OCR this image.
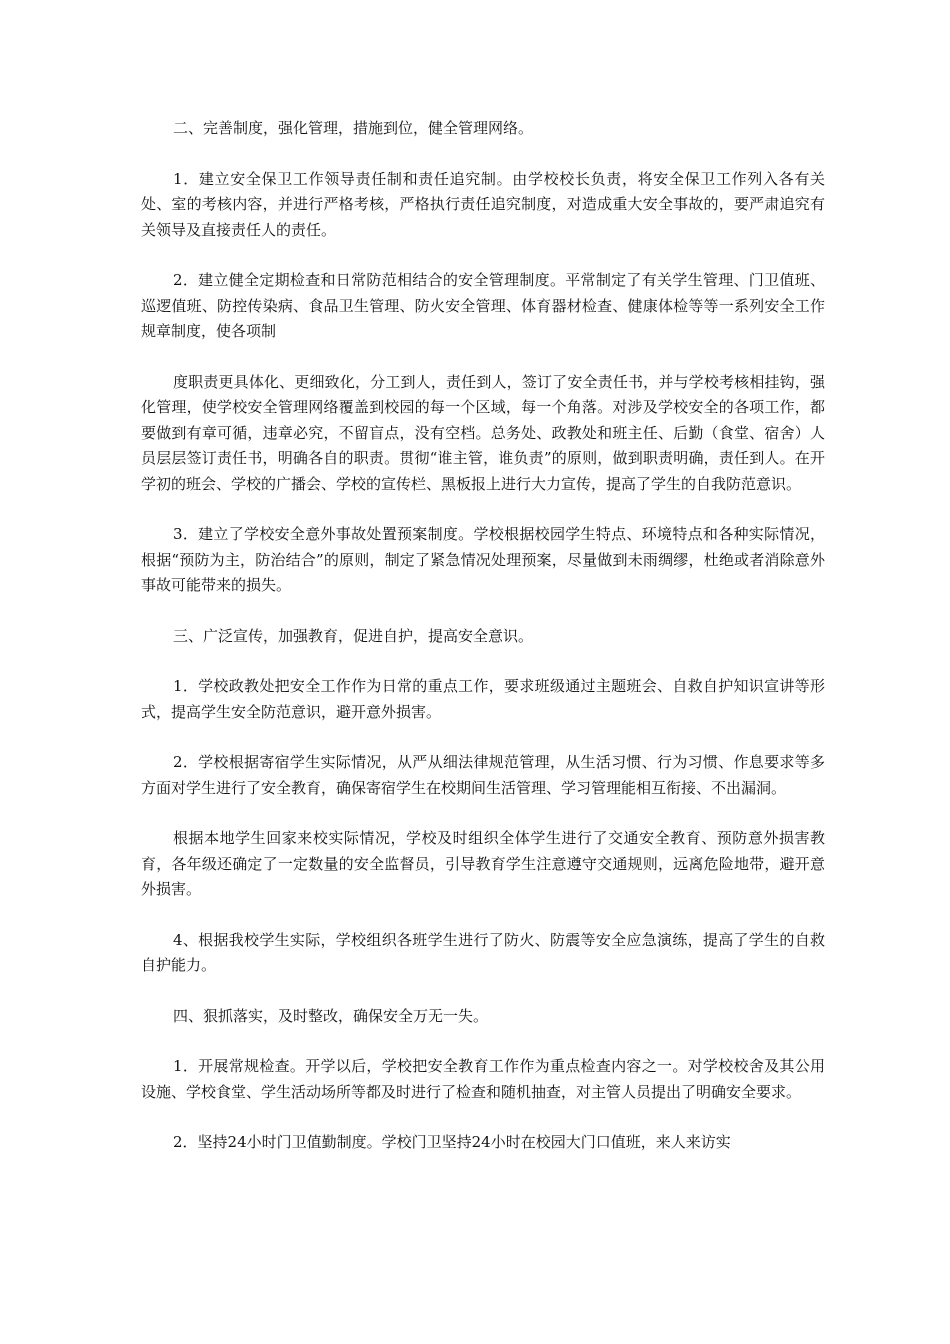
二、完善制度，强化管理，措施到位，健全管理网络。

1．建立安全保卫工作领导责任制和责任追究制。由学校校长负责，将安全保卫工作列入各有关处、室的考核内容，并进行严格考核，严格执行责任追究制度，对造成重大安全事故的，要严肃追究有关领导及直接责任人的责任。

2．建立健全定期检查和日常防范相结合的安全管理制度。平常制定了有关学生管理、门卫值班、巡逻值班、防控传染病、食品卫生管理、防火安全管理、体育器材检查、健康体检等等一系列安全工作规章制度，使各项制

度职责更具体化、更细致化，分工到人，责任到人，签订了安全责任书，并与学校考核相挂钩，强化管理，使学校安全管理网络覆盖到校园的每一个区域，每一个角落。对涉及学校安全的各项工作，都要做到有章可循，违章必究，不留盲点，没有空档。总务处、政教处和班主任、后勤（食堂、宿舍）人员层层签订责任书，明确各自的职责。贯彻“谁主管，谁负责”的原则，做到职责明确，责任到人。在开学初的班会、学校的广播会、学校的宣传栏、黑板报上进行大力宣传，提高了学生的自我防范意识。

3．建立了学校安全意外事故处置预案制度。学校根据校园学生特点、环境特点和各种实际情况，根据“预防为主，防治结合”的原则，制定了紧急情况处理预案，尽量做到未雨绸缪，杜绝或者消除意外事故可能带来的损失。

三、广泛宣传，加强教育，促进自护，提高安全意识。

1．学校政教处把安全工作作为日常的重点工作，要求班级通过主题班会、自救自护知识宣讲等形式，提高学生安全防范意识，避开意外损害。

2．学校根据寄宿学生实际情况，从严从细法律规范管理，从生活习惯、行为习惯、作息要求等多方面对学生进行了安全教育，确保寄宿学生在校期间生活管理、学习管理能相互衔接、不出漏洞。

根据本地学生回家来校实际情况，学校及时组织全体学生进行了交通安全教育、预防意外损害教育，各年级还确定了一定数量的安全监督员，引导教育学生注意遵守交通规则，远离危险地带，避开意外损害。

4、根据我校学生实际，学校组织各班学生进行了防火、防震等安全应急演练，提高了学生的自救自护能力。

四、狠抓落实，及时整改，确保安全万无一失。

1．开展常规检查。开学以后，学校把安全教育工作作为重点检查内容之一。对学校校舍及其公用设施、学校食堂、学生活动场所等都及时进行了检查和随机抽查，对主管人员提出了明确安全要求。

2．坚持24小时门卫值勤制度。学校门卫坚持24小时在校园大门口值班，来人来访实
